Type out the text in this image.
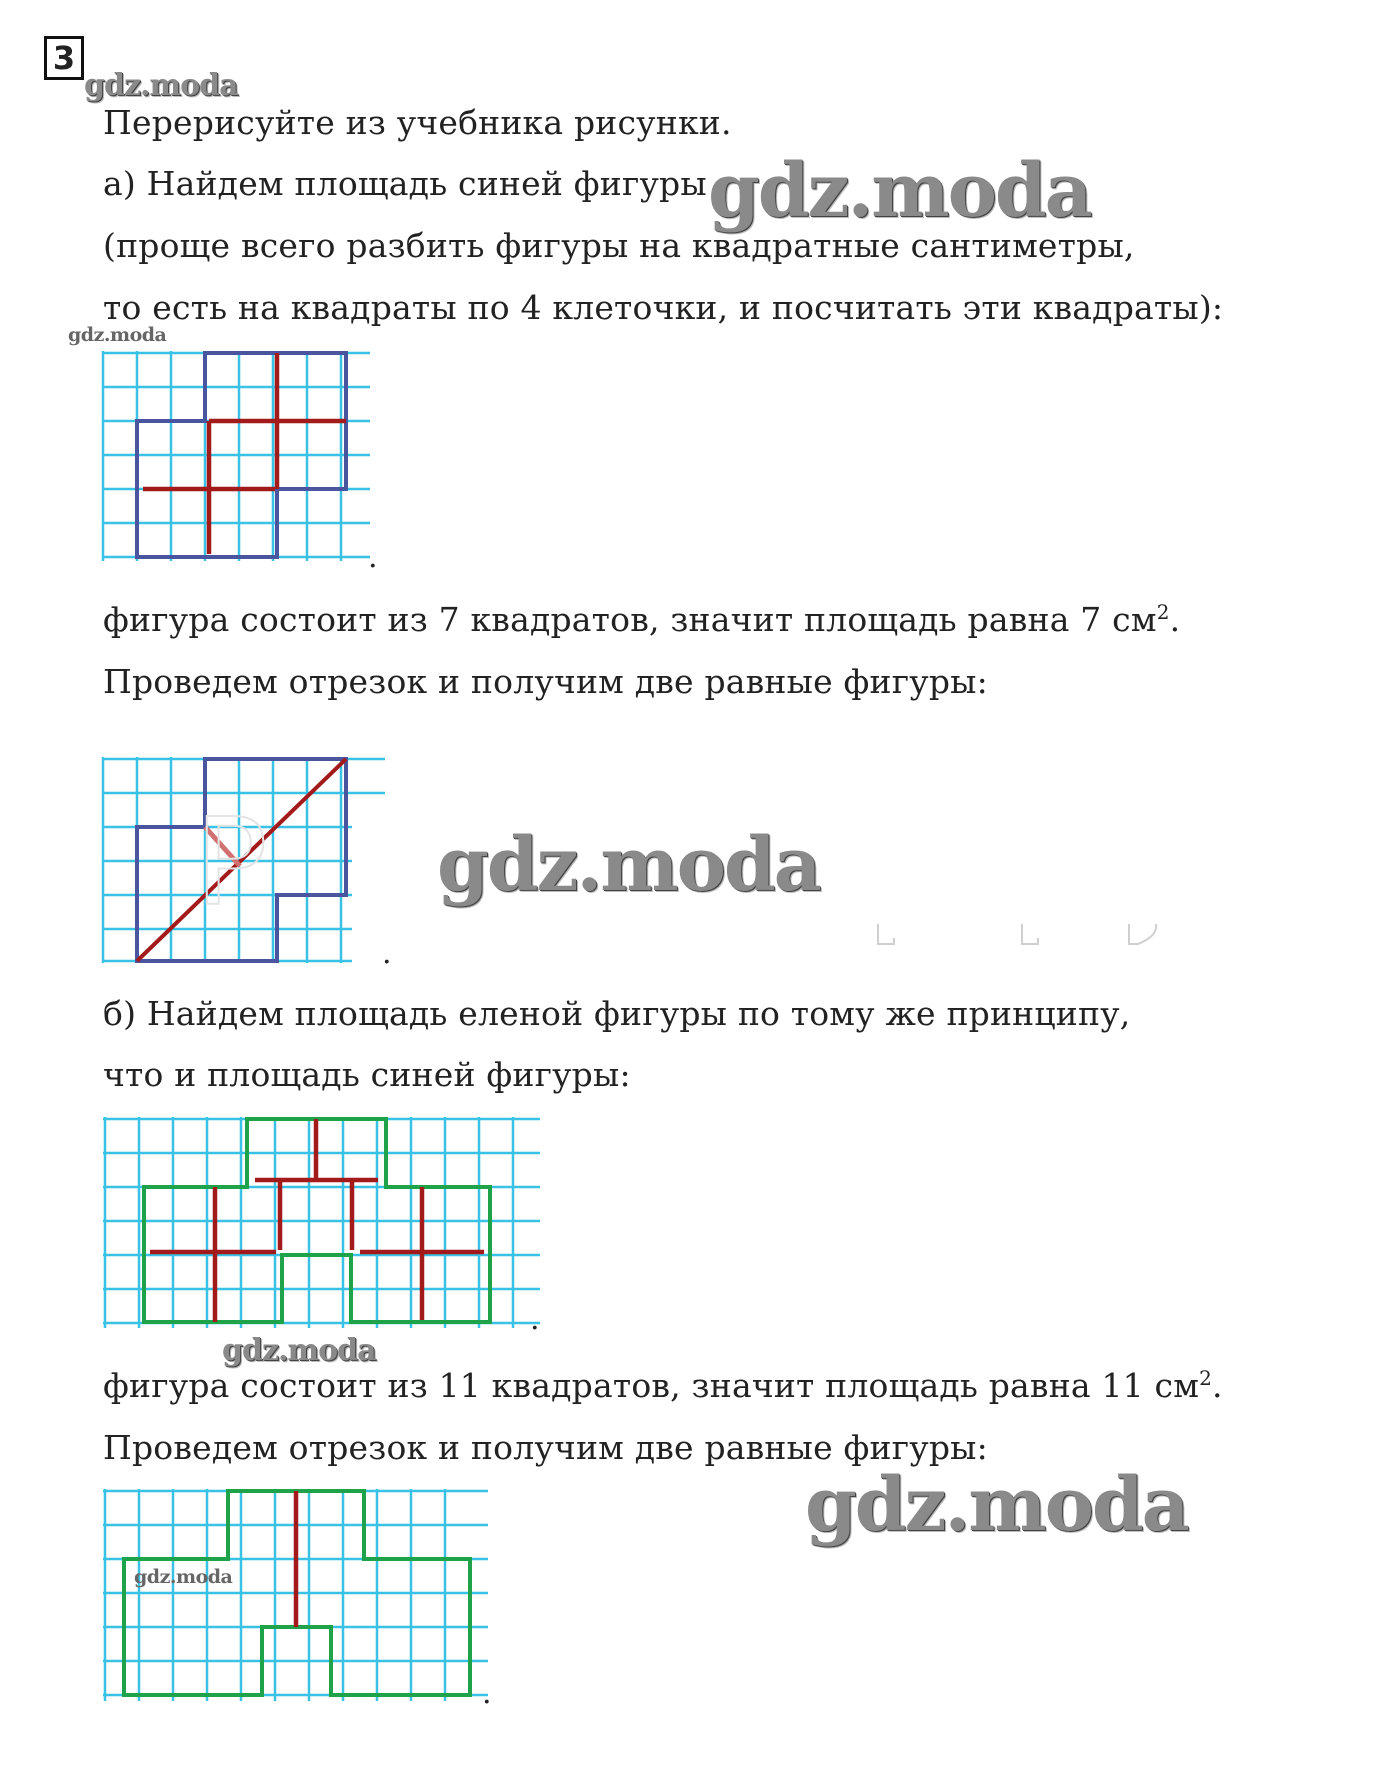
3
gdz.moda
Перерисуйте из учебника рисунки.
а) Найдем площадь синей фигуры gdz.moda
(проще всего разбить фигуры на квадратные сантиметры,
то есть на квадраты по 4 клеточки, и посчитать эти квадраты):
gdz.moda
.
фигура состоит из 7 квадратов, значит площадь равна 7 $см^2$.
Проведем отрезок и получим две равные фигуры:
P gdz.moda
.
б) Найдем площадь еленой фигуры по тому же принципу,
что и площадь синей фигуры:
.
gdz.moda
фигура состоит из 11 квадратов, значит площадь равна 11 $см^2$.
Проведем отрезок и получим две равные фигуры:
gdz.moda
gdz.moda
.
